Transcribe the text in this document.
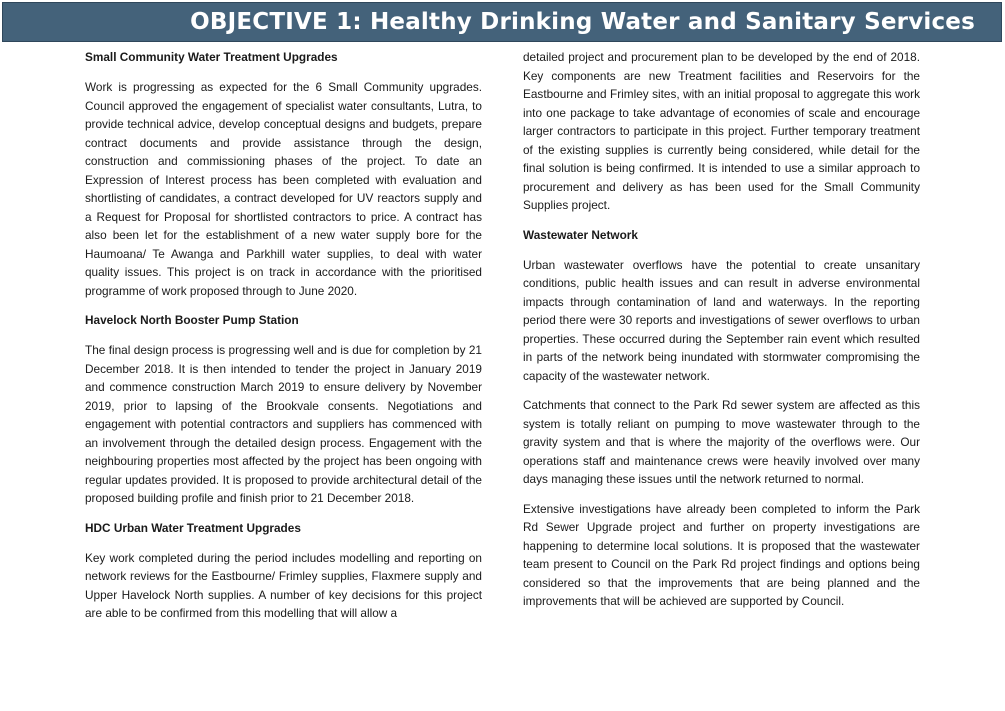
OBJECTIVE 1: Healthy Drinking Water and Sanitary Services
Small Community Water Treatment Upgrades

Work is progressing as expected for the 6 Small Community upgrades. Council approved the engagement of specialist water consultants, Lutra, to provide technical advice, develop conceptual designs and budgets, prepare contract documents and provide assistance through the design, construction and commissioning phases of the project. To date an Expression of Interest process has been completed with evaluation and shortlisting of candidates, a contract developed for UV reactors supply and a Request for Proposal for shortlisted contractors to price. A contract has also been let for the establishment of a new water supply bore for the Haumoana/ Te Awanga and Parkhill water supplies, to deal with water quality issues. This project is on track in accordance with the prioritised programme of work proposed through to June 2020.

Havelock North Booster Pump Station

The final design process is progressing well and is due for completion by 21 December 2018. It is then intended to tender the project in January 2019 and commence construction March 2019 to ensure delivery by November 2019, prior to lapsing of the Brookvale consents. Negotiations and engagement with potential contractors and suppliers has commenced with an involvement through the detailed design process. Engagement with the neighbouring properties most affected by the project has been ongoing with regular updates provided. It is proposed to provide architectural detail of the proposed building profile and finish prior to 21 December 2018.

HDC Urban Water Treatment Upgrades

Key work completed during the period includes modelling and reporting on network reviews for the Eastbourne/ Frimley supplies, Flaxmere supply and Upper Havelock North supplies. A number of key decisions for this project are able to be confirmed from this modelling that will allow a

detailed project and procurement plan to be developed by the end of 2018. Key components are new Treatment facilities and Reservoirs for the Eastbourne and Frimley sites, with an initial proposal to aggregate this work into one package to take advantage of economies of scale and encourage larger contractors to participate in this project. Further temporary treatment of the existing supplies is currently being considered, while detail for the final solution is being confirmed. It is intended to use a similar approach to procurement and delivery as has been used for the Small Community Supplies project.

Wastewater Network

Urban wastewater overflows have the potential to create unsanitary conditions, public health issues and can result in adverse environmental impacts through contamination of land and waterways. In the reporting period there were 30 reports and investigations of sewer overflows to urban properties. These occurred during the September rain event which resulted in parts of the network being inundated with stormwater compromising the capacity of the wastewater network.

Catchments that connect to the Park Rd sewer system are affected as this system is totally reliant on pumping to move wastewater through to the gravity system and that is where the majority of the overflows were. Our operations staff and maintenance crews were heavily involved over many days managing these issues until the network returned to normal.

Extensive investigations have already been completed to inform the Park Rd Sewer Upgrade project and further on property investigations are happening to determine local solutions. It is proposed that the wastewater team present to Council on the Park Rd project findings and options being considered so that the improvements that are being planned and the improvements that will be achieved are supported by Council.
